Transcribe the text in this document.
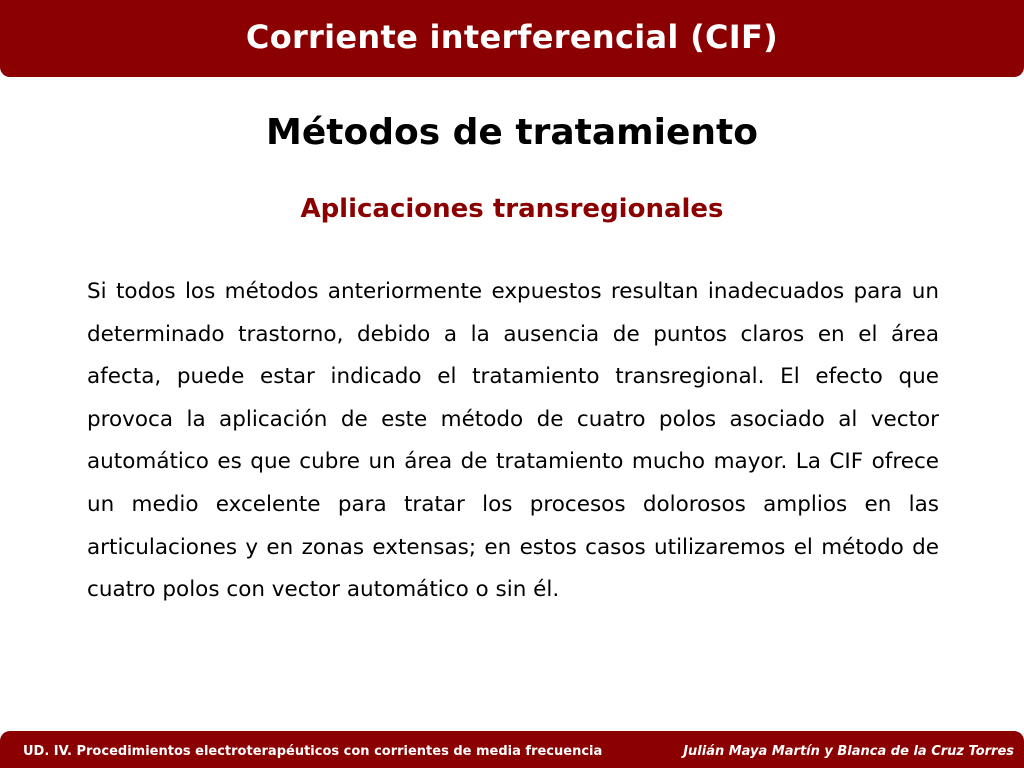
Corriente interferencial (CIF)
Métodos de tratamiento
Aplicaciones transregionales

Si todos los métodos anteriormente expuestos resultan inadecuados para un determinado trastorno, debido a la ausencia de puntos claros en el área afecta, puede estar indicado el tratamiento transregional. El efecto que provoca la aplicación de este método de cuatro polos asociado al vector automático es que cubre un área de tratamiento mucho mayor. La CIF ofrece un medio excelente para tratar los procesos dolorosos amplios en las articulaciones y en zonas extensas; en estos casos utilizaremos el método de cuatro polos con vector automático o sin él.

UD. IV. Procedimientos electroterapéuticos con corrientes de media frecuencia	Julián Maya Martín y Blanca de la Cruz Torres
